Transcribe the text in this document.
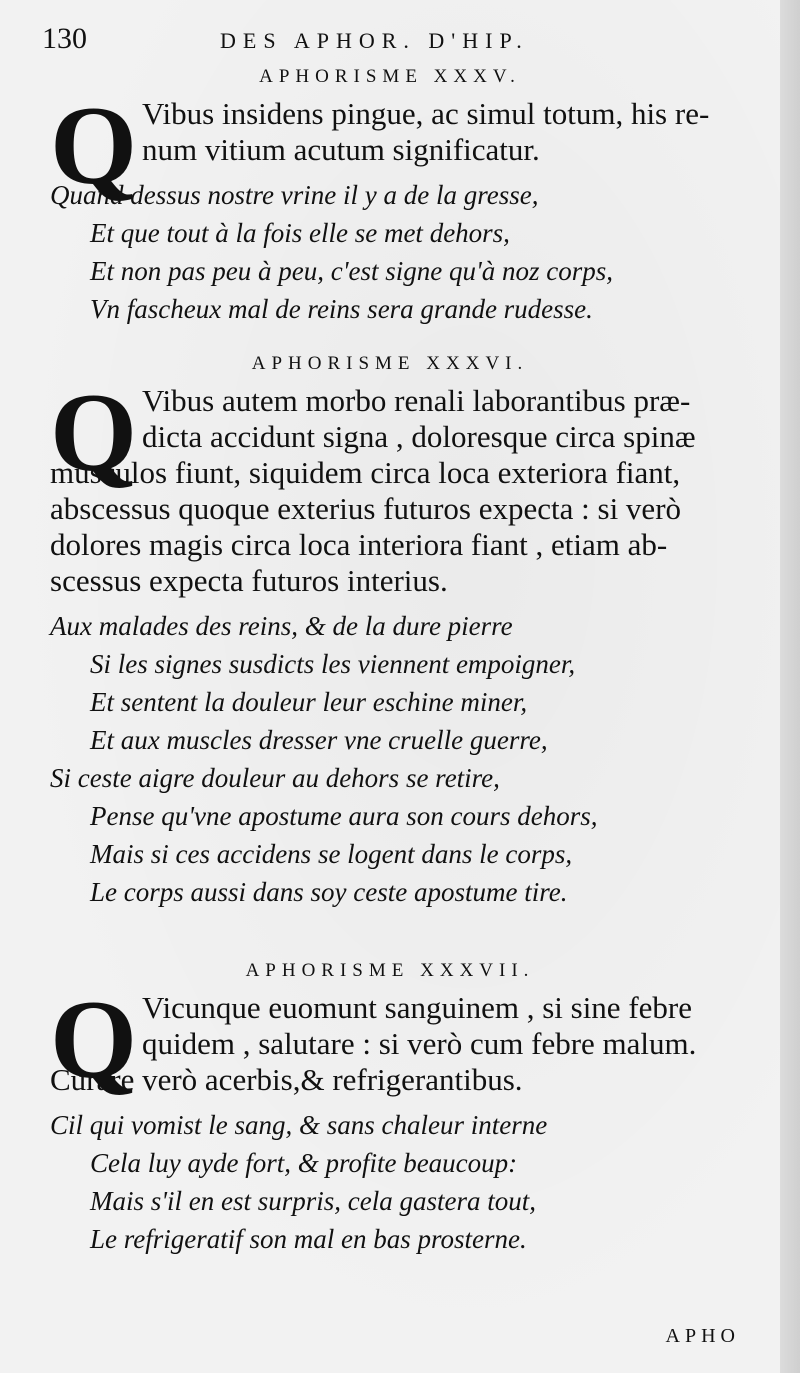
130	DES APHOR. D'HIP.
APHORISME XXXV.
Q Vibus insidens pingue, ac simul totum, his re-
num vitium acutum significatur.
Quand dessus nostre vrine il y a de la gresse,
Et que tout à la fois elle se met dehors,
Et non pas peu à peu, c'est signe qu'à noz corps,
Vn fascheux mal de reins sera grande rudesse.
APHORISME XXXVI.
Q Vibus autem morbo renali laborantibus præ-
dicta accidunt signa , doloresque circa spinæ
musculos fiunt, siquidem circa loca exteriora fiant,
abscessus quoque exterius futuros expecta : si verò
dolores magis circa loca interiora fiant , etiam ab-
scessus expecta futuros interius.
Aux malades des reins, & de la dure pierre
Si les signes susdicts les viennent empoigner,
Et sentent la douleur leur eschine miner,
Et aux muscles dresser vne cruelle guerre,
Si ceste aigre douleur au dehors se retire,
Pense qu'vne apostume aura son cours dehors,
Mais si ces accidens se logent dans le corps,
Le corps aussi dans soy ceste apostume tire.
APHORISME XXXVII.
Q Vicunque euomunt sanguinem , si sine febre
quidem , salutare : si verò cum febre malum.
Curare verò acerbis,& refrigerantibus.
Cil qui vomist le sang, & sans chaleur interne
Cela luy ayde fort, & profite beaucoup:
Mais s'il en est surpris, cela gastera tout,
Le refrigeratif son mal en bas prosterne.
APHO
